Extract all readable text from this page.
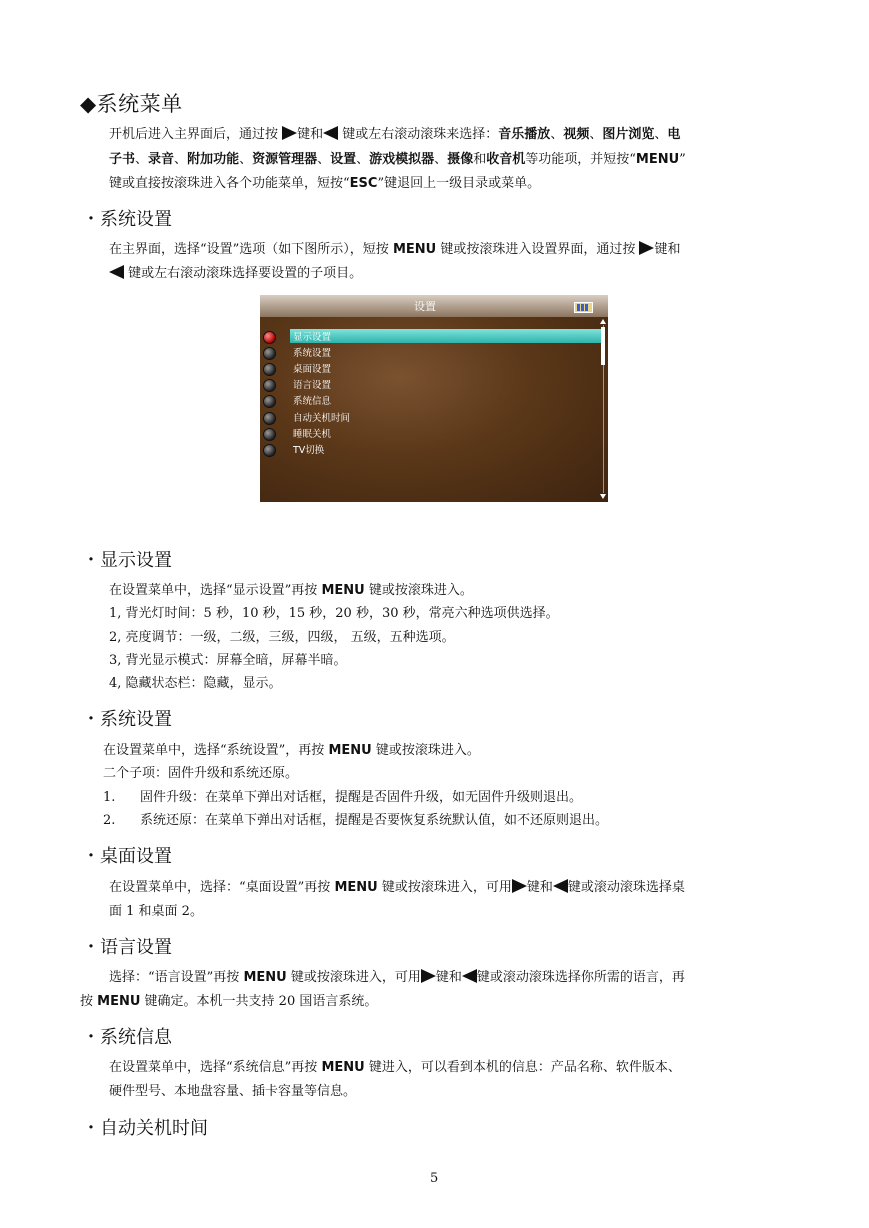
◆系统菜单
开机后进入主界面后，通过按 键和 键或左右滚动滚珠来选择：音乐播放、视频、图片浏览、电
子书、录音、附加功能、资源管理器、设置、游戏模拟器、摄像和收音机等功能项，并短按“MENU”
键或直接按滚珠进入各个功能菜单，短按“ESC”键退回上一级目录或菜单。
・系统设置
在主界面，选择“设置”选项（如下图所示），短按 MENU 键或按滚珠进入设置界面，通过按 键和
键或左右滚动滚珠选择要设置的子项目。
设置
显示设置
系统设置
桌面设置
语言设置
系统信息
自动关机时间
睡眠关机
TV切换
・显示设置
在设置菜单中，选择“显示设置”再按 MENU 键或按滚珠进入。
1, 背光灯时间：5 秒，10 秒，15 秒，20 秒，30 秒，常亮六种选项供选择。
2, 亮度调节：一级，二级，三级，四级， 五级，五种选项。
3, 背光显示模式：屏幕全暗，屏幕半暗。
4, 隐藏状态栏：隐藏，显示。
・系统设置
在设置菜单中，选择“系统设置”，再按 MENU 键或按滚珠进入。
二个子项：固件升级和系统还原。
1. 固件升级：在菜单下弹出对话框，提醒是否固件升级，如无固件升级则退出。
2. 系统还原：在菜单下弹出对话框，提醒是否要恢复系统默认值，如不还原则退出。
・桌面设置
在设置菜单中，选择：“桌面设置”再按 MENU 键或按滚珠进入，可用 键和 键或滚动滚珠选择桌
面 1 和桌面 2。
・语言设置
选择：“语言设置”再按 MENU 键或按滚珠进入，可用 键和 键或滚动滚珠选择你所需的语言，再
按 MENU 键确定。本机一共支持 20 国语言系统。
・系统信息
在设置菜单中，选择“系统信息”再按 MENU 键进入，可以看到本机的信息：产品名称、软件版本、
硬件型号、本地盘容量、插卡容量等信息。
・自动关机时间
5
